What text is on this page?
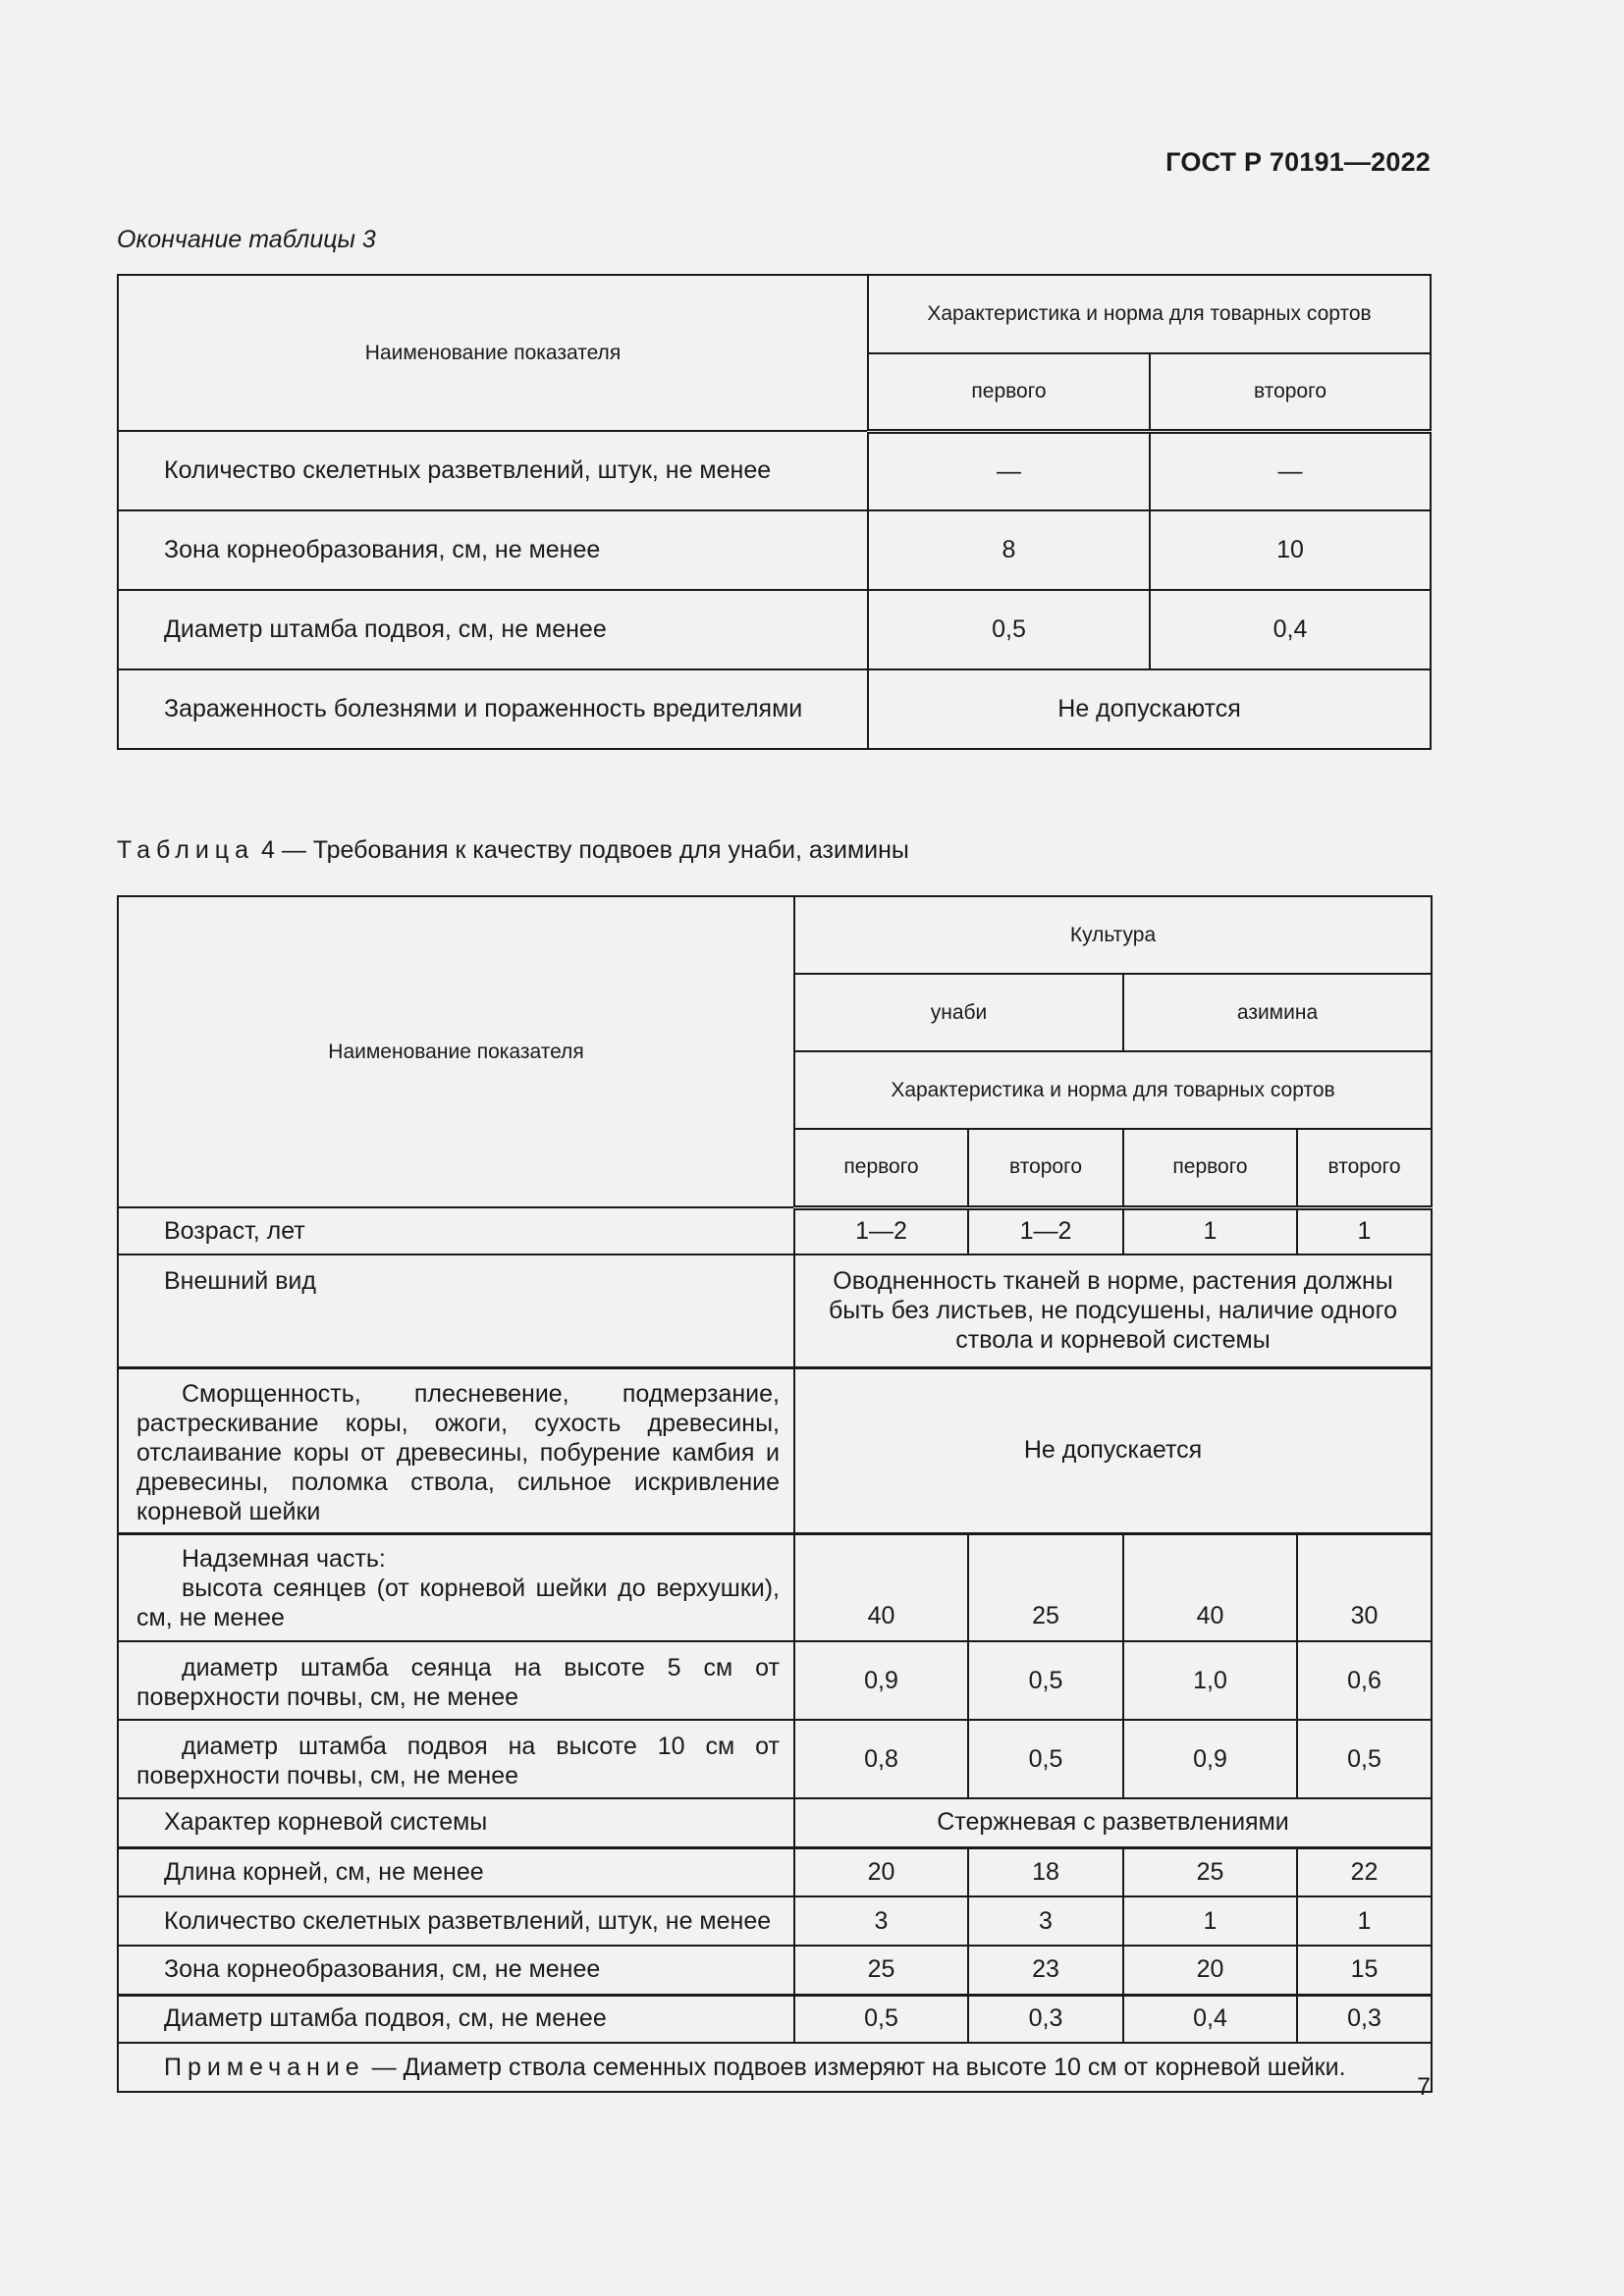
ГОСТ Р 70191—2022
Окончание таблицы 3
Наименование показателя	Характеристика и норма для товарных сортов	
	первого	второго
Количество скелетных разветвлений, штук, не менее	—	—
Зона корнеобразования, см, не менее	8	10
Диаметр штамба подвоя, см, не менее	0,5	0,4
Зараженность болезнями и пораженность вредителями	Не допускаются	
Таблица 4 — Требования к качеству подвоев для унаби, азимины
Наименование показателя	Культура			
	унаби		азимина	
	Характеристика и норма для товарных сортов			
	первого	второго	первого	второго
Возраст, лет	1—2	1—2	1	1
Внешний вид	Оводненность тканей в норме, растения должны быть без листьев, не подсушены, наличие одного ствола и корневой системы			

Сморщенность, плесневение, подмерзание, растрескивание коры, ожоги, сухость древесины, отслаивание коры от древесины, побурение камбия и древесины, поломка ствола, сильное искривление корневой шейки	Не допускается			

Надземная часть:
высота сеянцев (от корневой шейки до верхушки), см, не менее	40	25	40	30

диаметр штамба сеянца на высоте 5 см от поверхности почвы, см, не менее	0,9	0,5	1,0	0,6

диаметр штамба подвоя на высоте 10 см от поверхности почвы, см, не менее	0,8	0,5	0,9	0,5
Характер корневой системы	Стержневая с разветвлениями			
Длина корней, см, не менее	20	18	25	22
Количество скелетных разветвлений, штук, не менее	3	3	1	1
Зона корнеобразования, см, не менее	25	23	20	15
Диаметр штамба подвоя, см, не менее	0,5	0,3	0,4	0,3
Примечание — Диаметр ствола семенных подвоев измеряют на высоте 10 см от корневой шейки.				
7
